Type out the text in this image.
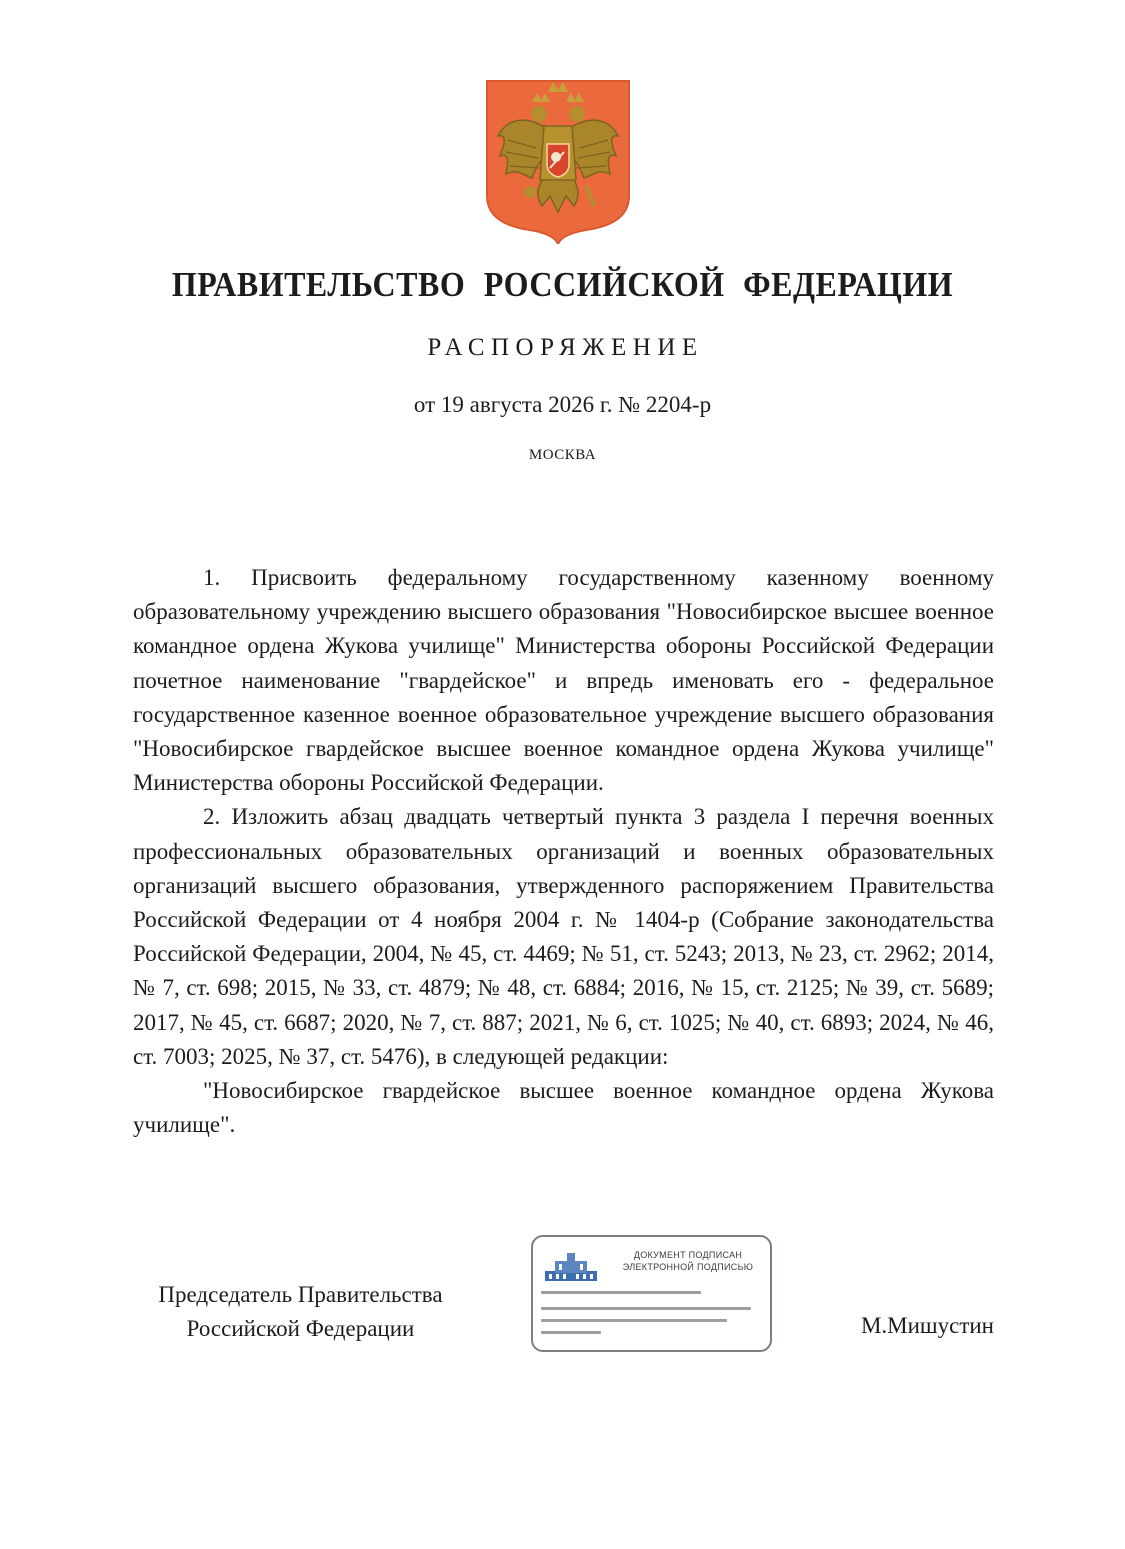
ПРАВИТЕЛЬСТВО РОССИЙСКОЙ ФЕДЕРАЦИИ
РАСПОРЯЖЕНИЕ
от 19 августа 2026 г. № 2204-р
МОСКВА

1. Присвоить федеральному государственному казенному военному образовательному учреждению высшего образования "Новосибирское высшее военное командное ордена Жукова училище" Министерства обороны Российской Федерации почетное наименование "гвардейское" и впредь именовать его - федеральное государственное казенное военное образовательное учреждение высшего образования "Новосибирское гвардейское высшее военное командное ордена Жукова училище" Министерства обороны Российской Федерации.

2. Изложить абзац двадцать четвертый пункта 3 раздела I перечня военных профессиональных образовательных организаций и военных образовательных организаций высшего образования, утвержденного распоряжением Правительства Российской Федерации от 4 ноября 2004 г. № 1404-р (Собрание законодательства Российской Федерации, 2004, № 45, ст. 4469; № 51, ст. 5243; 2013, № 23, ст. 2962; 2014, № 7, ст. 698; 2015, № 33, ст. 4879; № 48, ст. 6884; 2016, № 15, ст. 2125; № 39, ст. 5689; 2017, № 45, ст. 6687; 2020, № 7, ст. 887; 2021, № 6, ст. 1025; № 40, ст. 6893; 2024, № 46, ст. 7003; 2025, № 37, ст. 5476), в следующей редакции:

"Новосибирское гвардейское высшее военное командное ордена Жукова училище".

Председатель Правительства
Российской Федерации
ДОКУМЕНТ ПОДПИСАН
ЭЛЕКТРОННОЙ ПОДПИСЬЮ
М.Мишустин
